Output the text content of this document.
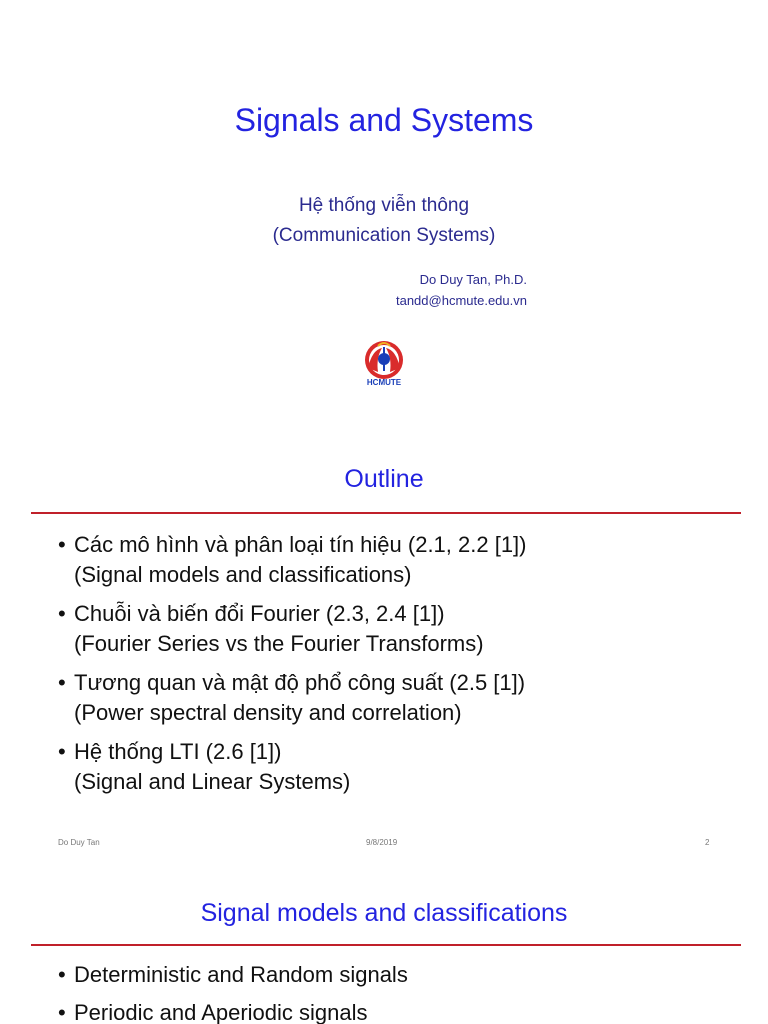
Signals and Systems
Hệ thống viễn thông
(Communication Systems)
Do Duy Tan, Ph.D.
tandd@hcmute.edu.vn
HCMUTE
Outline
• Các mô hình và phân loại tín hiệu (2.1, 2.2 [1])
(Signal models and classifications)
• Chuỗi và biến đổi Fourier (2.3, 2.4 [1])
(Fourier Series vs the Fourier Transforms)
• Tương quan và mật độ phổ công suất (2.5 [1])
(Power spectral density and correlation)
• Hệ thống LTI (2.6 [1])
(Signal and Linear Systems)
Do Duy Tan	9/8/2019	2
Signal models and classifications
• Deterministic and Random signals
• Periodic and Aperiodic signals
